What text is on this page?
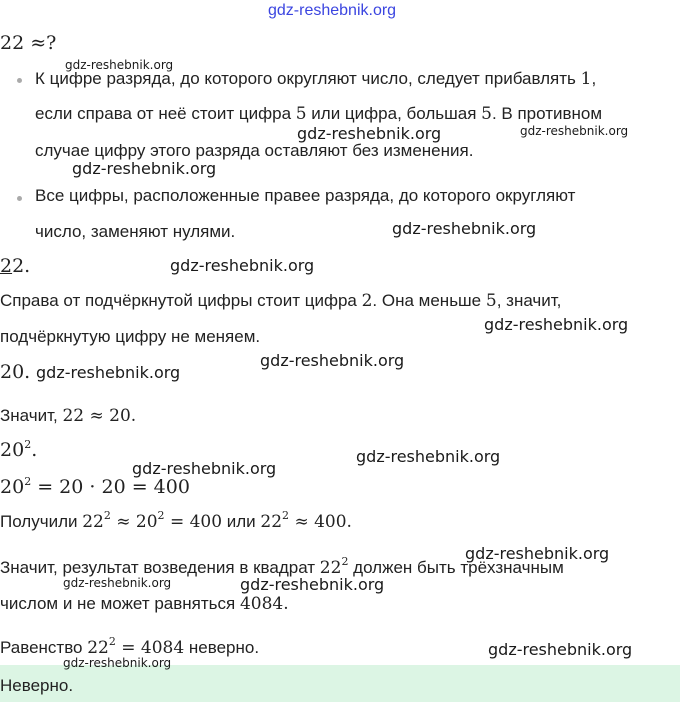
gdz-reshebnik.org
22 ≈?
gdz-reshebnik.org
К цифре разряда, до которого округляют число, следует прибавлять 1,
если справа от неё стоит цифра 5 или цифра, большая 5. В противном
gdz-reshebnik.org	gdz-reshebnik.org
случае цифру этого разряда оставляют без изменения.
gdz-reshebnik.org
Все цифры, расположенные правее разряда, до которого округляют
число, заменяют нулями.	gdz-reshebnik.org
22.	gdz-reshebnik.org
Справа от подчёркнутой цифры стоит цифра 2. Она меньше 5, значит,
gdz-reshebnik.org
подчёркнутую цифру не меняем.
gdz-reshebnik.org
20. gdz-reshebnik.org
Значит, 22 ≈ 20.
$20^2$.	gdz-reshebnik.org
gdz-reshebnik.org
$20^2 = 20 \cdot 20 = 400$
Получили $22^2 \approx 20^2 = 400$ или $22^2 \approx 400$.
gdz-reshebnik.org
Значит, результат возведения в квадрат $22^2$ должен быть трёхзначным
gdz-reshebnik.org	gdz-reshebnik.org
числом и не может равняться 4084.
Равенство $22^2 = 4084$ неверно.	gdz-reshebnik.org
gdz-reshebnik.org
Неверно.
